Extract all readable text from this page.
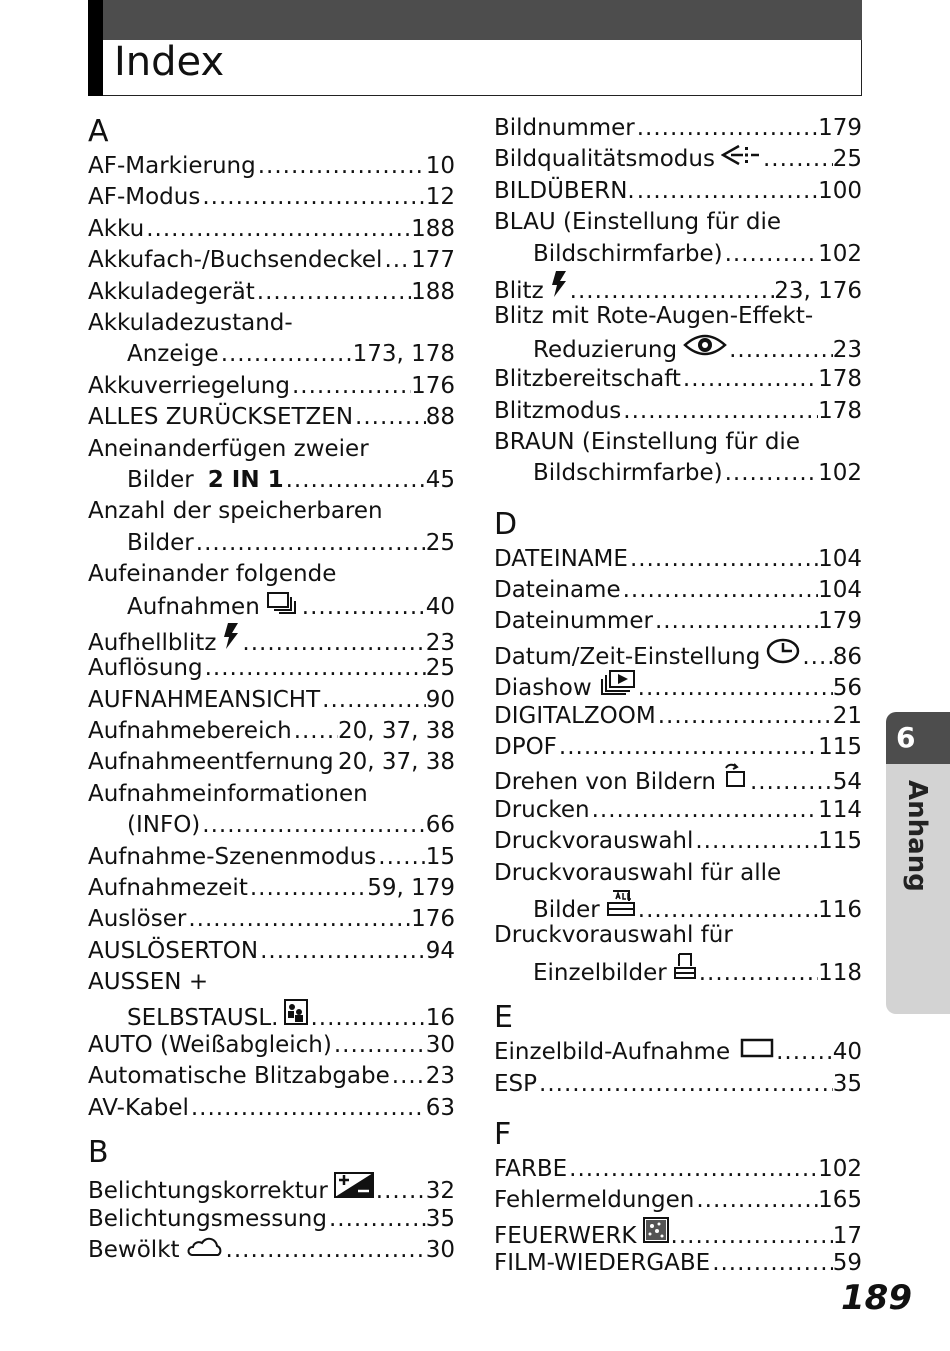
Index
A
AF-Markierung .....	10
AF-Modus .....	12
Akku .....	188
Akkufach-/Buchsendeckel ..... 177
Akkuladegerät .....	188
Akkuladezustand-
Anzeige .....	173, 178
Akkuverriegelung .....	176
ALLES ZURÜCKSETZEN .....	88
Aneinanderfügen zweier
Bilder 2 IN 1 .....	45
Anzahl der speicherbaren
Bilder .....	25
Aufeinander folgende
Aufnahmen .....	40
Aufhellblitz .....	23
Auflösung .....	25
AUFNAHMEANSICHT .....	90
Aufnahmebereich ..... 20, 37, 38
Aufnahmeentfernung ..... 20, 37, 38
Aufnahmeinformationen
(INFO) .....	66
Aufnahme-Szenenmodus ..... 15
Aufnahmezeit .....	59, 179
Auslöser .....	176
AUSLÖSERTON .....	94
AUSSEN +
SELBSTAUSL. .....	16
AUTO (Weißabgleich) .....	30
Automatische Blitzabgabe ..... 23
AV-Kabel .....	63
B
Belichtungskorrektur .....	32
Belichtungsmessung .....	35
Bewölkt .....	30
Bildnummer .....	179
Bildqualitätsmodus .....	25
BILDÜBERN. .....	100
BLAU (Einstellung für die
Bildschirmfarbe) .....	102
Blitz .....	23, 176
Blitz mit Rote-Augen-Effekt-
Reduzierung .....	23
Blitzbereitschaft .....	178
Blitzmodus .....	178
BRAUN (Einstellung für die
Bildschirmfarbe) .....	102
D
DATEINAME .....	104
Dateiname .....	104
Dateinummer .....	179
Datum/Zeit-Einstellung .....	86
Diashow .....	56
DIGITALZOOM .....	21
DPOF .....	115
Drehen von Bildern .....	54
Drucken .....	114
Druckvorauswahl .....	115
Druckvorauswahl für alle
Bilder .....	116
Druckvorauswahl für
Einzelbilder .....	118
E
Einzelbild-Aufnahme .....	40
ESP .....	35
F
FARBE .....	102
Fehlermeldungen .....	165
FEUERWERK .....	17
FILM-WIEDERGABE .....	59
6
Anhang
189
